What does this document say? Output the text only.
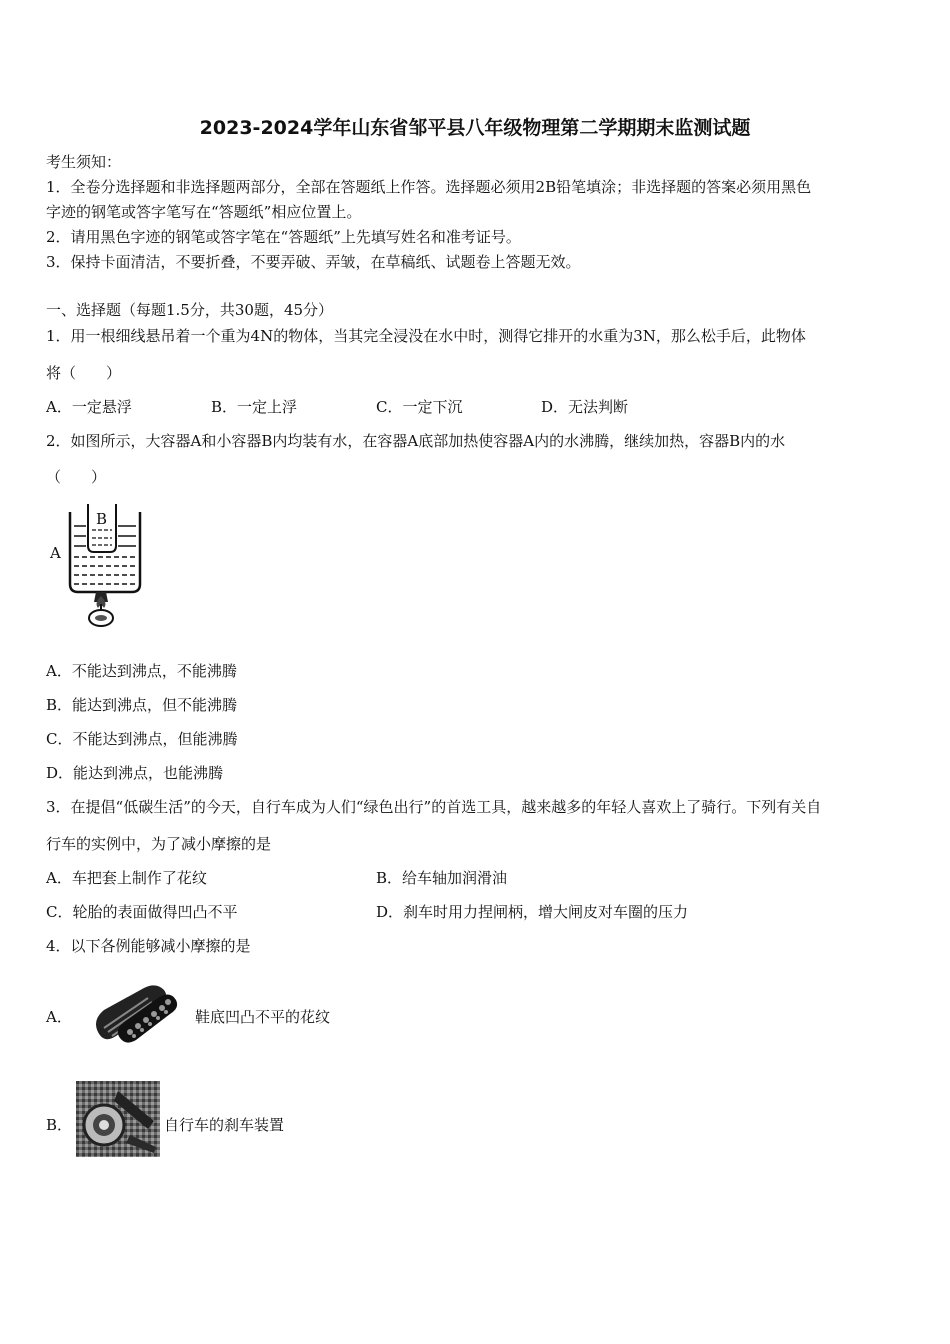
2023-2024学年山东省邹平县八年级物理第二学期期末监测试题
考生须知：
1．全卷分选择题和非选择题两部分，全部在答题纸上作答。选择题必须用2B铅笔填涂；非选择题的答案必须用黑色
字迹的钢笔或答字笔写在“答题纸”相应位置上。
2．请用黑色字迹的钢笔或答字笔在“答题纸”上先填写姓名和准考证号。
3．保持卡面清洁，不要折叠，不要弄破、弄皱，在草稿纸、试题卷上答题无效。
一、选择题（每题1.5分，共30题，45分）
1．用一根细线悬吊着一个重为4N的物体，当其完全浸没在水中时，测得它排开的水重为3N，那么松手后，此物体
将（　　）
A．一定悬浮	B．一定上浮	C．一定下沉	D．无法判断
2．如图所示，大容器A和小容器B内均装有水，在容器A底部加热使容器A内的水沸腾，继续加热，容器B内的水
（　　）
A
B
A．不能达到沸点，不能沸腾
B．能达到沸点，但不能沸腾
C．不能达到沸点，但能沸腾
D．能达到沸点，也能沸腾
3．在提倡“低碳生活”的今天，自行车成为人们“绿色出行”的首选工具，越来越多的年轻人喜欢上了骑行。下列有关自
行车的实例中，为了减小摩擦的是
A．车把套上制作了花纹	B．给车轴加润滑油
C．轮胎的表面做得凹凸不平	D．刹车时用力捏闸柄，增大闸皮对车圈的压力
4．以下各例能够减小摩擦的是
A．	鞋底凹凸不平的花纹
B．	自行车的刹车装置
